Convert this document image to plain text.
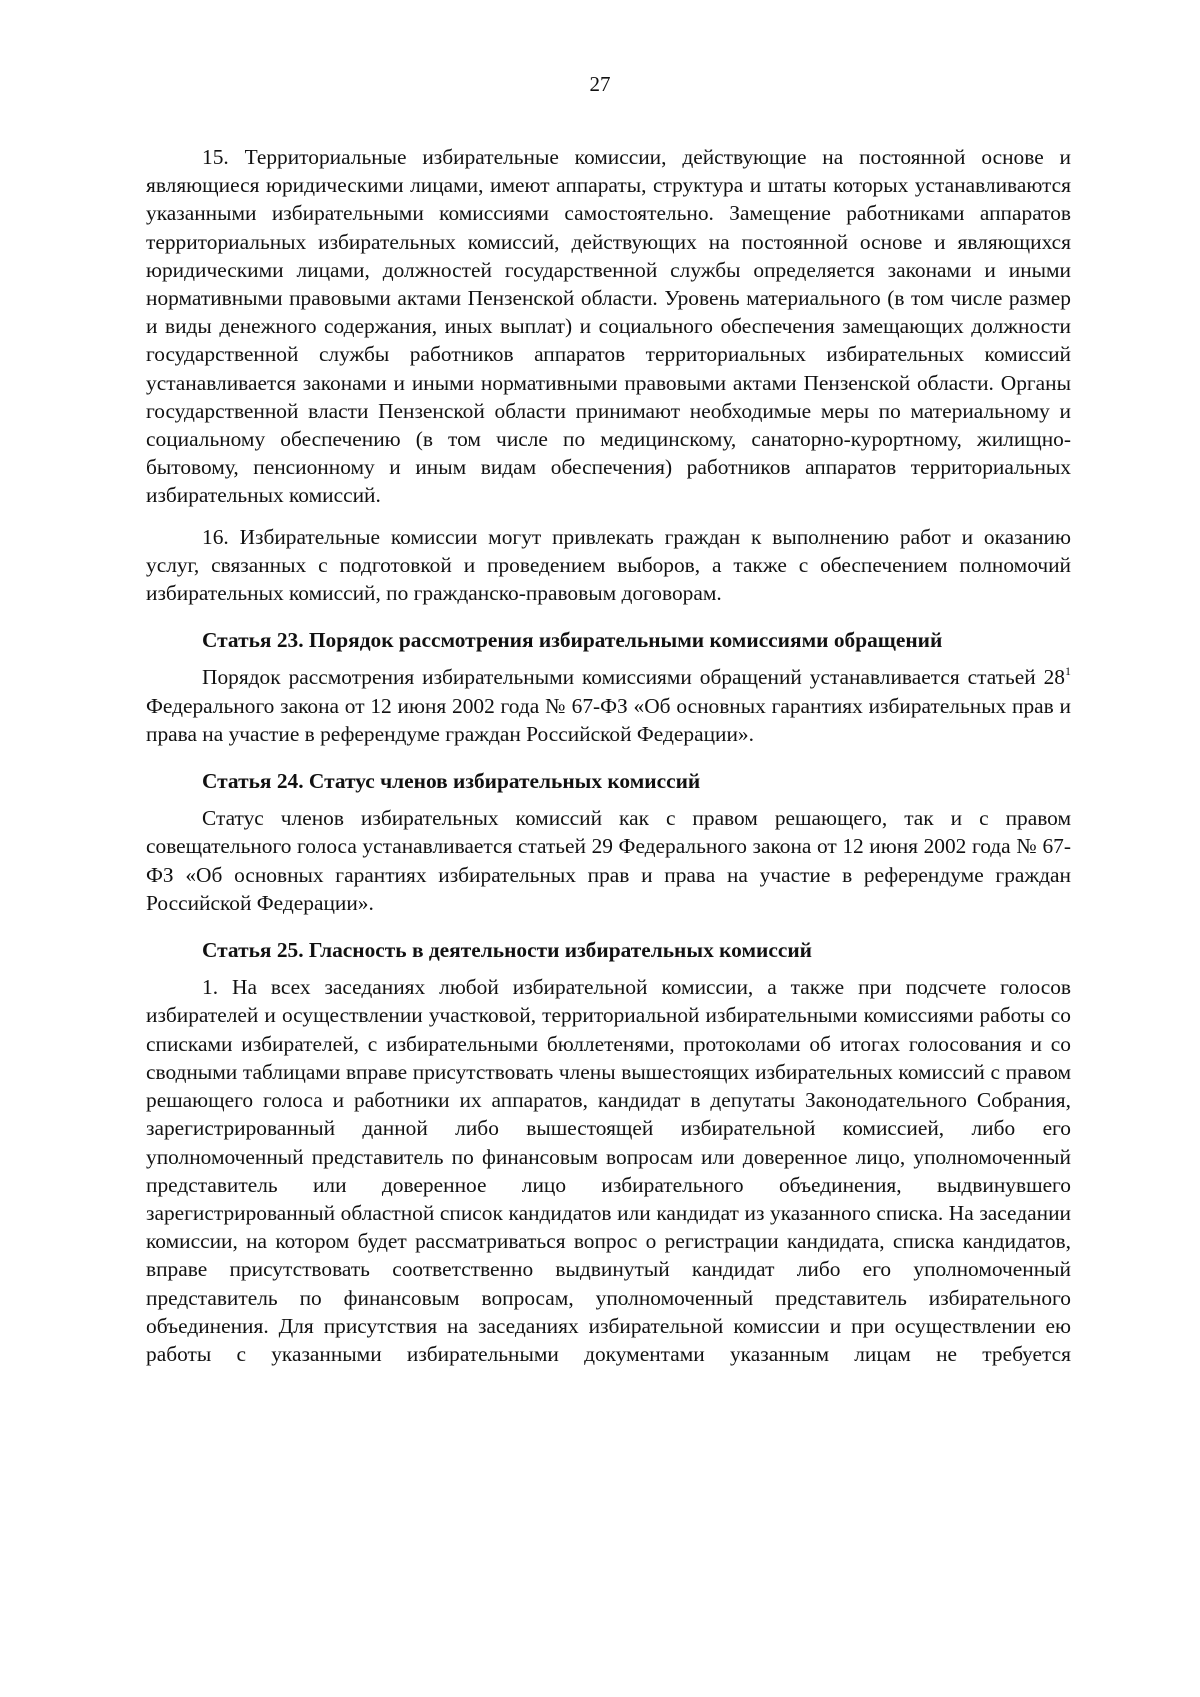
27

15. Территориальные избирательные комиссии, действующие на постоянной основе и являющиеся юридическими лицами, имеют аппараты, структура и штаты которых устанавливаются указанными избирательными комиссиями самостоятельно. Замещение работниками аппаратов территориальных избирательных комиссий, действующих на постоянной основе и являющихся юридическими лицами, должностей государственной службы определяется законами и иными нормативными правовыми актами Пензенской области. Уровень материального (в том числе размер и виды денежного содержания, иных выплат) и социального обеспечения замещающих должности государственной службы работников аппаратов территориальных избирательных комиссий устанавливается законами и иными нормативными правовыми актами Пензенской области. Органы государственной власти Пензенской области принимают необходимые меры по материальному и социальному обеспечению (в том числе по медицинскому, санаторно-курортному, жилищно-бытовому, пенсионному и иным видам обеспечения) работников аппаратов территориальных избирательных комиссий.

16. Избирательные комиссии могут привлекать граждан к выполнению работ и оказанию услуг, связанных с подготовкой и проведением выборов, а также с обеспечением полномочий избирательных комиссий, по гражданско-правовым договорам.

Статья 23. Порядок рассмотрения избирательными комиссиями обращений

Порядок рассмотрения избирательными комиссиями обращений устанавливается статьей $28^1$ Федерального закона от 12 июня 2002 года № 67-ФЗ «Об основных гарантиях избирательных прав и права на участие в референдуме граждан Российской Федерации».

Статья 24. Статус членов избирательных комиссий

Статус членов избирательных комиссий как с правом решающего, так и с правом совещательного голоса устанавливается статьей 29 Федерального закона от 12 июня 2002 года № 67-ФЗ «Об основных гарантиях избирательных прав и права на участие в референдуме граждан Российской Федерации».

Статья 25. Гласность в деятельности избирательных комиссий

1. На всех заседаниях любой избирательной комиссии, а также при подсчете голосов избирателей и осуществлении участковой, территориальной избирательными комиссиями работы со списками избирателей, с избирательными бюллетенями, протоколами об итогах голосования и со сводными таблицами вправе присутствовать члены вышестоящих избирательных комиссий с правом решающего голоса и работники их аппаратов, кандидат в депутаты Законодательного Собрания, зарегистрированный данной либо вышестоящей избирательной комиссией, либо его уполномоченный представитель по финансовым вопросам или доверенное лицо, уполномоченный представитель или доверенное лицо избирательного объединения, выдвинувшего зарегистрированный областной список кандидатов или кандидат из указанного списка. На заседании комиссии, на котором будет рассматриваться вопрос о регистрации кандидата, списка кандидатов, вправе присутствовать соответственно выдвинутый кандидат либо его уполномоченный представитель по финансовым вопросам, уполномоченный представитель избирательного объединения. Для присутствия на заседаниях избирательной комиссии и при осуществлении ею работы с указанными избирательными документами указанным лицам не требуется
